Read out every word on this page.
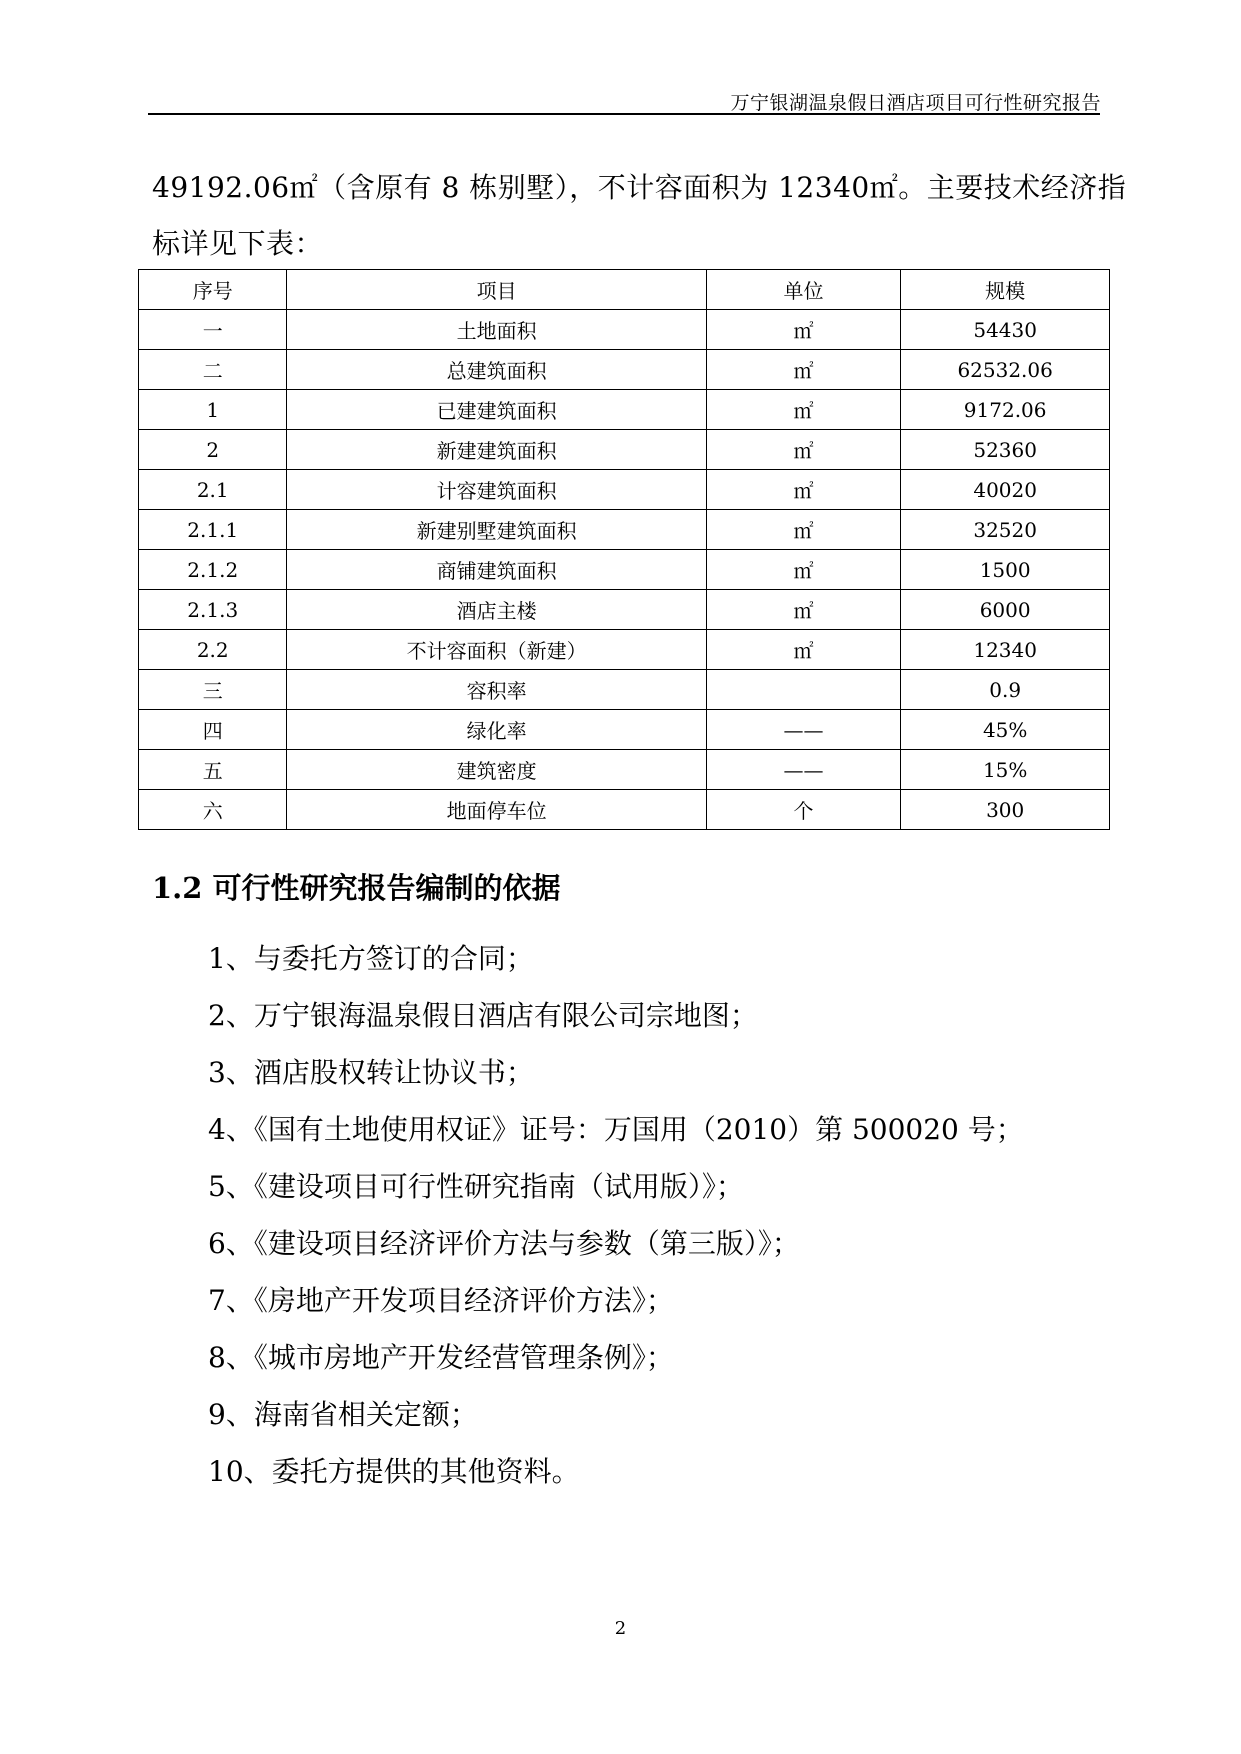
万宁银湖温泉假日酒店项目可行性研究报告

49192.06㎡（含原有 8 栋别墅），不计容面积为 12340㎡。主要技术经济指

标详见下表：

序号	项目	单位	规模
一	土地面积	㎡	54430
二	总建筑面积	㎡	62532.06
1	已建建筑面积	㎡	9172.06
2	新建建筑面积	㎡	52360
2.1	计容建筑面积	㎡	40020
2.1.1	新建别墅建筑面积	㎡	32520
2.1.2	商铺建筑面积	㎡	1500
2.1.3	酒店主楼	㎡	6000
2.2	不计容面积（新建）	㎡	12340
三	容积率		0.9
四	绿化率	——	45%
五	建筑密度	——	15%
六	地面停车位	个	300
1.2 可行性研究报告编制的依据
1、与委托方签订的合同；
2、万宁银海温泉假日酒店有限公司宗地图；
3、酒店股权转让协议书；
4、《国有土地使用权证》证号：万国用（2010）第 500020 号；
5、《建设项目可行性研究指南（试用版）》；
6、《建设项目经济评价方法与参数（第三版）》；
7、《房地产开发项目经济评价方法》；
8、《城市房地产开发经营管理条例》；
9、海南省相关定额；
10、委托方提供的其他资料。
2
